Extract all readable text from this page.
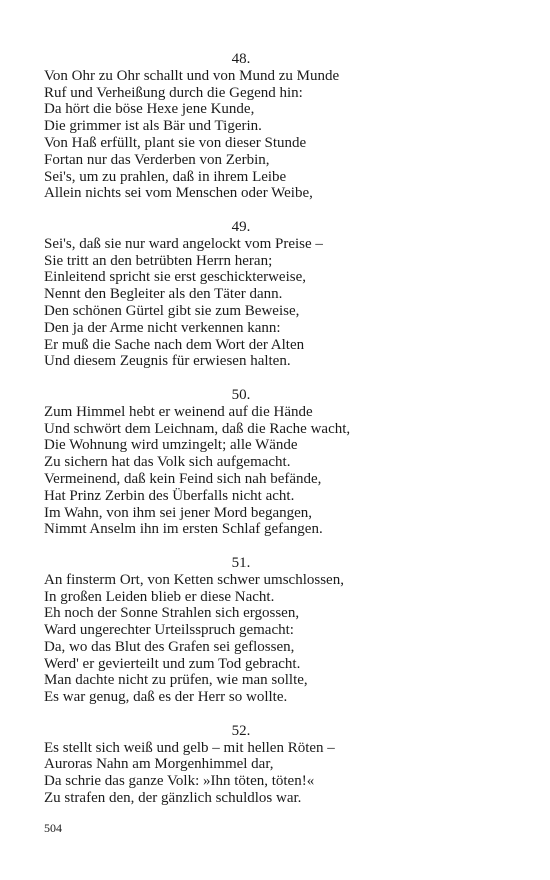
48.
Von Ohr zu Ohr schallt und von Mund zu Munde
Ruf und Verheißung durch die Gegend hin:
Da hört die böse Hexe jene Kunde,
Die grimmer ist als Bär und Tigerin.
Von Haß erfüllt, plant sie von dieser Stunde
Fortan nur das Verderben von Zerbin,
Sei's, um zu prahlen, daß in ihrem Leibe
Allein nichts sei vom Menschen oder Weibe,
49.
Sei's, daß sie nur ward angelockt vom Preise –
Sie tritt an den betrübten Herrn heran;
Einleitend spricht sie erst geschickterweise,
Nennt den Begleiter als den Täter dann.
Den schönen Gürtel gibt sie zum Beweise,
Den ja der Arme nicht verkennen kann:
Er muß die Sache nach dem Wort der Alten
Und diesem Zeugnis für erwiesen halten.
50.
Zum Himmel hebt er weinend auf die Hände
Und schwört dem Leichnam, daß die Rache wacht,
Die Wohnung wird umzingelt; alle Wände
Zu sichern hat das Volk sich aufgemacht.
Vermeinend, daß kein Feind sich nah befände,
Hat Prinz Zerbin des Überfalls nicht acht.
Im Wahn, von ihm sei jener Mord begangen,
Nimmt Anselm ihn im ersten Schlaf gefangen.
51.
An finsterm Ort, von Ketten schwer umschlossen,
In großen Leiden blieb er diese Nacht.
Eh noch der Sonne Strahlen sich ergossen,
Ward ungerechter Urteilsspruch gemacht:
Da, wo das Blut des Grafen sei geflossen,
Werd' er gevierteilt und zum Tod gebracht.
Man dachte nicht zu prüfen, wie man sollte,
Es war genug, daß es der Herr so wollte.
52.
Es stellt sich weiß und gelb – mit hellen Röten –
Auroras Nahn am Morgenhimmel dar,
Da schrie das ganze Volk: »Ihn töten, töten!«
Zu strafen den, der gänzlich schuldlos war.
504
